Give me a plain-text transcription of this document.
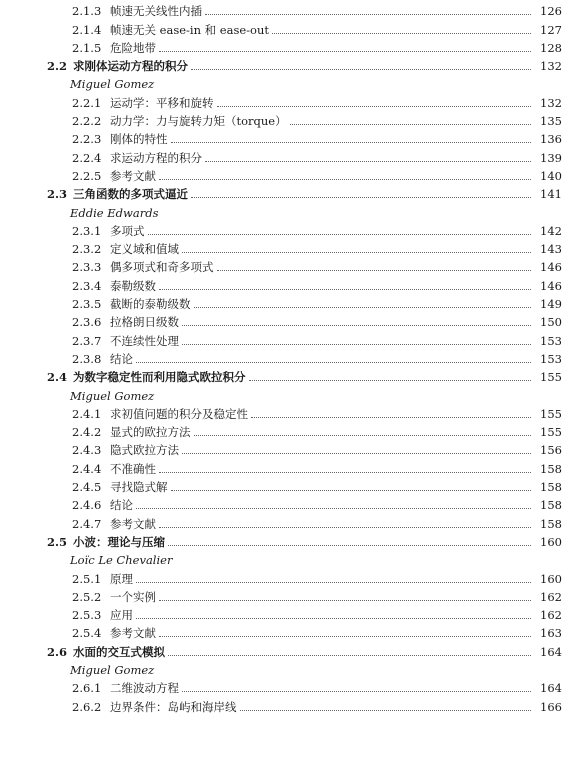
2.1.3 帧速无关线性内插	126
2.1.4 帧速无关 ease-in 和 ease-out	127
2.1.5 危险地带	128
2.2 求刚体运动方程的积分	132
Miguel Gomez
2.2.1 运动学：平移和旋转	132
2.2.2 动力学：力与旋转力矩（torque）	135
2.2.3 刚体的特性	136
2.2.4 求运动方程的积分	139
2.2.5 参考文献	140
2.3 三角函数的多项式逼近	141
Eddie Edwards
2.3.1 多项式	142
2.3.2 定义域和值域	143
2.3.3 偶多项式和奇多项式	146
2.3.4 泰勒级数	146
2.3.5 截断的泰勒级数	149
2.3.6 拉格朗日级数	150
2.3.7 不连续性处理	153
2.3.8 结论	153
2.4 为数字稳定性而利用隐式欧拉积分	155
Miguel Gomez
2.4.1 求初值问题的积分及稳定性	155
2.4.2 显式的欧拉方法	155
2.4.3 隐式欧拉方法	156
2.4.4 不准确性	158
2.4.5 寻找隐式解	158
2.4.6 结论	158
2.4.7 参考文献	158
2.5 小波：理论与压缩	160
Loïc Le Chevalier
2.5.1 原理	160
2.5.2 一个实例	162
2.5.3 应用	162
2.5.4 参考文献	163
2.6 水面的交互式模拟	164
Miguel Gomez
2.6.1 二维波动方程	164
2.6.2 边界条件：岛屿和海岸线	166
